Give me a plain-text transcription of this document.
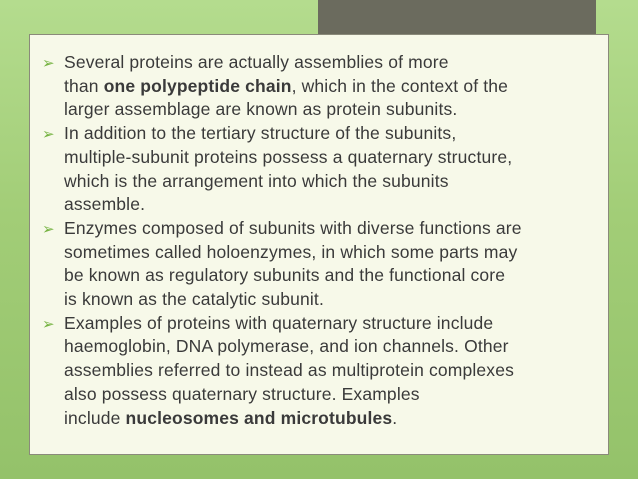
➢ Several proteins are actually assemblies of more
than one polypeptide chain, which in the context of the
larger assemblage are known as protein subunits.
➢ In addition to the tertiary structure of the subunits,
multiple-subunit proteins possess a quaternary structure,
which is the arrangement into which the subunits
assemble.
➢ Enzymes composed of subunits with diverse functions are
sometimes called holoenzymes, in which some parts may
be known as regulatory subunits and the functional core
is known as the catalytic subunit.
➢ Examples of proteins with quaternary structure include
haemoglobin, DNA polymerase, and ion channels. Other
assemblies referred to instead as multiprotein complexes
also possess quaternary structure. Examples
include nucleosomes and microtubules.
